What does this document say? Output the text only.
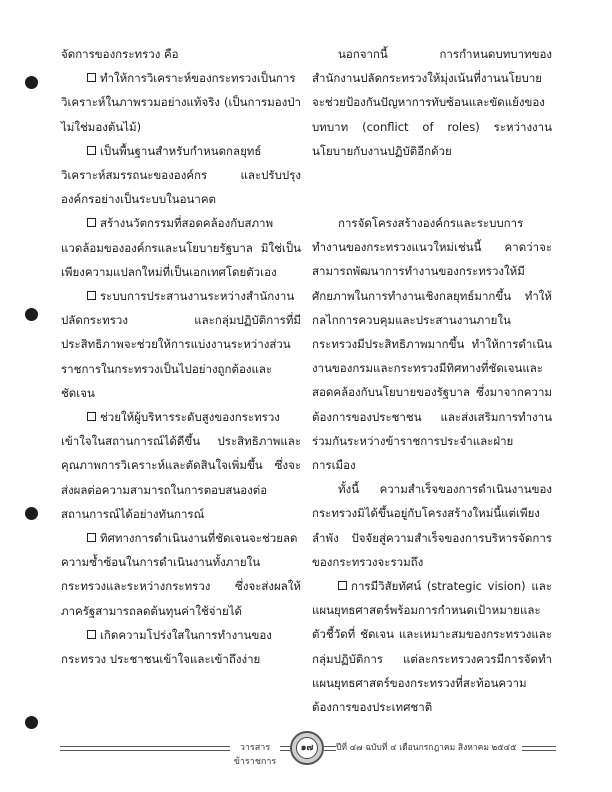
จัดการของกระทรวง คือ

ทำให้การวิเคราะห์ของกระทรวงเป็นการวิเคราะห์ในภาพรวมอย่างแท้จริง (เป็นการมองป่า ไม่ใช่มองต้นไม้)

เป็นพื้นฐานสำหรับกำหนดกลยุทธ์ วิเคราะห์สมรรถนะขององค์กร และปรับปรุงองค์กรอย่างเป็นระบบในอนาคต

สร้างนวัตกรรมที่สอดคล้องกับสภาพแวดล้อมขององค์กรและนโยบายรัฐบาล มิใช่เป็นเพียงความแปลกใหม่ที่เป็นเอกเทศโดยตัวเอง

ระบบการประสานงานระหว่างสำนักงานปลัดกระทรวง และกลุ่มปฏิบัติการที่มีประสิทธิภาพจะช่วยให้การแบ่งงานระหว่างส่วนราชการในกระทรวงเป็นไปอย่างถูกต้องและชัดเจน

ช่วยให้ผู้บริหารระดับสูงของกระทรวงเข้าใจในสถานการณ์ได้ดีขึ้น ประสิทธิภาพและคุณภาพการวิเคราะห์และตัดสินใจเพิ่มขึ้น ซึ่งจะส่งผลต่อความสามารถในการตอบสนองต่อสถานการณ์ได้อย่างทันการณ์

ทิศทางการดำเนินงานที่ชัดเจนจะช่วยลดความซ้ำซ้อนในการดำเนินงานทั้งภายในกระทรวงและระหว่างกระทรวง ซึ่งจะส่งผลให้ภาครัฐสามารถลดต้นทุนค่าใช้จ่ายได้

เกิดความโปร่งใสในการทำงานของกระทรวง ประชาชนเข้าใจและเข้าถึงง่าย

นอกจากนี้ การกำหนดบทบาทของสำนักงานปลัดกระทรวงให้มุ่งเน้นที่งานนโยบายจะช่วยป้องกันปัญหาการทับซ้อนและขัดแย้งของบทบาท (conflict of roles) ระหว่างงานนโยบายกับงานปฏิบัติอีกด้วย

การจัดโครงสร้างองค์กรและระบบการทำงานของกระทรวงแนวใหม่เช่นนี้ คาดว่าจะสามารถพัฒนาการทำงานของกระทรวงให้มีศักยภาพในการทำงานเชิงกลยุทธ์มากขึ้น ทำให้กลไกการควบคุมและประสานงานภายในกระทรวงมีประสิทธิภาพมากขึ้น ทำให้การดำเนินงานของกรมและกระทรวงมีทิศทางที่ชัดเจนและสอดคล้องกับนโยบายของรัฐบาล ซึ่งมาจากความต้องการของประชาชน และส่งเสริมการทำงานร่วมกันระหว่างข้าราชการประจำและฝ่ายการเมือง

ทั้งนี้ ความสำเร็จของการดำเนินงานของกระทรวงมิได้ขึ้นอยู่กับโครงสร้างใหม่นี้แต่เพียงลำพัง ปัจจัยสู่ความสำเร็จของการบริหารจัดการของกระทรวงจะรวมถึง

การมีวิสัยทัศน์ (strategic vision) และแผนยุทธศาสตร์พร้อมการกำหนดเป้าหมายและตัวชี้วัดที่ ชัดเจน และเหมาะสมของกระทรวงและกลุ่มปฏิบัติการ แต่ละกระทรวงควรมีการจัดทำแผนยุทธศาสตร์ของกระทรวงที่สะท้อนความต้องการของประเทศชาติ

วารสารข้าราชการ
๑๗	ปีที่ ๔๗ ฉบับที่ ๔ เดือนกรกฎาคม สิงหาคม ๒๕๔๕
